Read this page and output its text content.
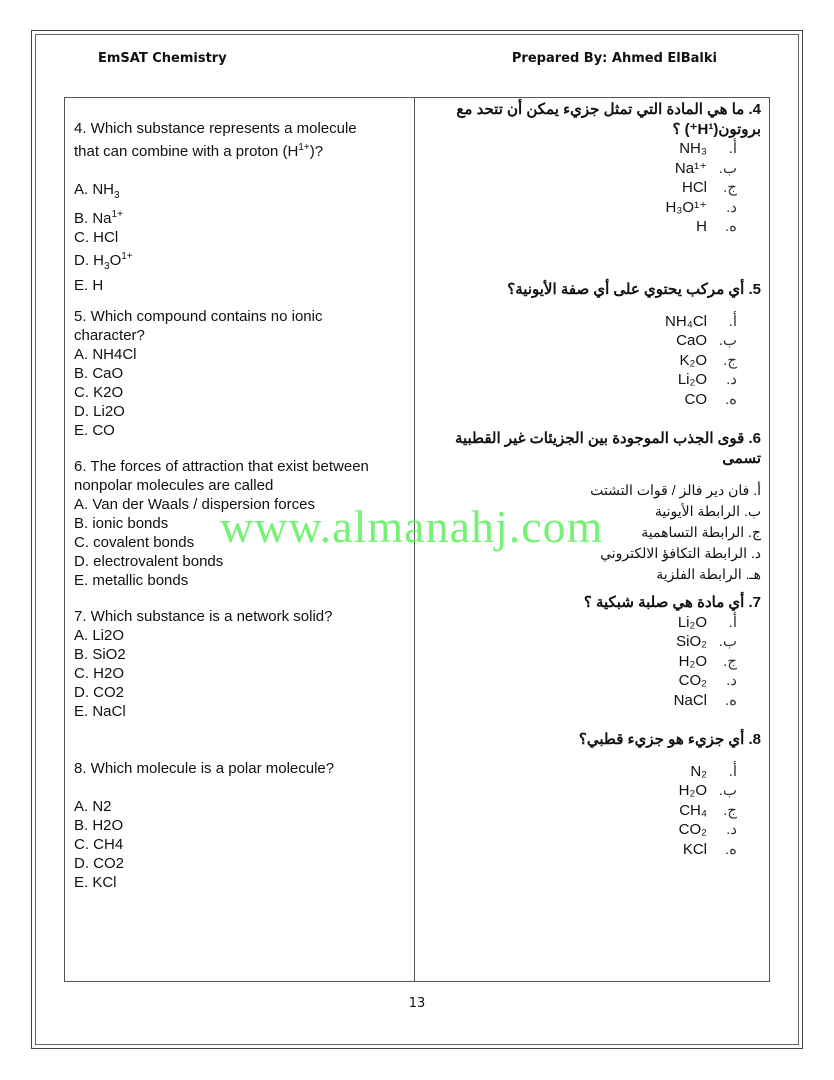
EmSAT Chemistry	Prepared By: Ahmed ElBalki
4. Which substance represents a molecule
that can combine with a proton $(H^{1+})$?
A. $NH_3$
B. $Na^{1+}$
C. HCl
D. $H_3O^{1+}$
E. H
5. Which compound contains no ionic
character?
A. NH4Cl
B. CaO
C. K2O
D. Li2O
E. CO
6. The forces of attraction that exist between
nonpolar molecules are called
A. Van der Waals / dispersion forces
B. ionic bonds
C. covalent bonds
D. electrovalent bonds
E. metallic bonds
7. Which substance is a network solid?
A. Li2O
B. SiO2
C. H2O
D. CO2
E. NaCl
8. Which molecule is a polar molecule?
A. N2
B. H2O
C. CH4
D. CO2
E. KCl
4. ما هي المادة التي تمثل جزيء يمكن أن تتحد مع
بروتون(H¹⁺) ؟
أ.
NH₃
ب.
Na¹⁺
ج.
HCl
د.
H₃O¹⁺
ه.
H
5. أي مركب يحتوي على أي صفة الأيونية؟
أ.
NH₄Cl
ب.
CaO
ج.
K₂O
د.
Li₂O
ه.
CO
6. قوى الجذب الموجودة بين الجزيئات غير القطبية تسمى
أ. فان دير فالز / قوات التشتت
ب. الرابطة الأيونية
ج. الرابطة التساهمية
د. الرابطة التكافؤ الالكتروني
هـ. الرابطة الفلزية
7. أي مادة هي صلبة شبكية ؟
أ.
Li₂O
ب.
SiO₂
ج.
H₂O
د.
CO₂
ه.
NaCl
8. أي جزيء هو جزيء قطبي؟
أ.
N₂
ب.
H₂O
ج.
CH₄
د.
CO₂
ه.
KCl
www.almanahj.com
13
